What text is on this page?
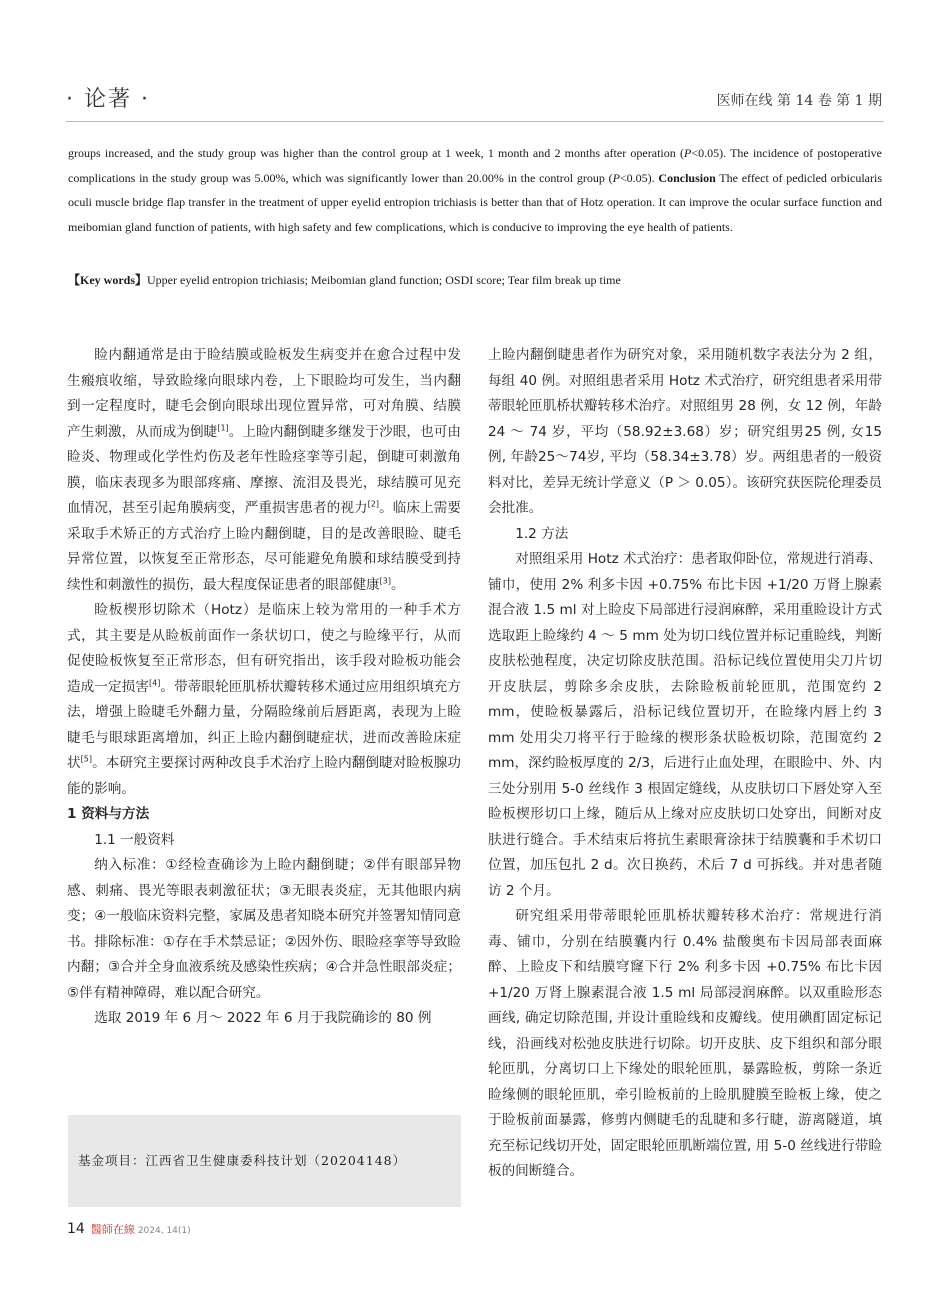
· 论著 ·	医师在线 第 14 卷 第 1 期

groups increased, and the study group was higher than the control group at 1 week, 1 month and 2 months after operation (P<0.05). The incidence of postoperative complications in the study group was 5.00%, which was significantly lower than 20.00% in the control group (P<0.05). Conclusion The effect of pedicled orbicularis oculi muscle bridge flap transfer in the treatment of upper eyelid entropion trichiasis is better than that of Hotz operation. It can improve the ocular surface function and meibomian gland function of patients, with high safety and few complications, which is conducive to improving the eye health of patients.

【Key words】Upper eyelid entropion trichiasis; Meibomian gland function; OSDI score; Tear film break up time

睑内翻通常是由于睑结膜或睑板发生病变并在愈合过程中发生瘢痕收缩，导致睑缘向眼球内卷，上下眼睑均可发生，当内翻到一定程度时，睫毛会倒向眼球出现位置异常，可对角膜、结膜产生刺激，从而成为倒睫[1]。上睑内翻倒睫多继发于沙眼，也可由睑炎、物理或化学性灼伤及老年性睑痉挛等引起，倒睫可刺激角膜，临床表现多为眼部疼痛、摩擦、流泪及畏光，球结膜可见充血情况，甚至引起角膜病变，严重损害患者的视力[2]。临床上需要采取手术矫正的方式治疗上睑内翻倒睫，目的是改善眼睑、睫毛异常位置，以恢复至正常形态，尽可能避免角膜和球结膜受到持续性和刺激性的损伤，最大程度保证患者的眼部健康[3]。

睑板楔形切除术（Hotz）是临床上较为常用的一种手术方式，其主要是从睑板前面作一条状切口，使之与睑缘平行，从而促使睑板恢复至正常形态，但有研究指出，该手段对睑板功能会造成一定损害[4]。带蒂眼轮匝肌桥状瓣转移术通过应用组织填充方法，增强上睑睫毛外翻力量，分隔睑缘前后唇距离，表现为上睑睫毛与眼球距离增加，纠正上睑内翻倒睫症状，进而改善睑床症状[5]。本研究主要探讨两种改良手术治疗上睑内翻倒睫对睑板腺功能的影响。

1 资料与方法
1.1 一般资料

纳入标准：①经检查确诊为上睑内翻倒睫；②伴有眼部异物感、刺痛、畏光等眼表刺激征状；③无眼表炎症，无其他眼内病变；④一般临床资料完整，家属及患者知晓本研究并签署知情同意书。排除标准：①存在手术禁忌证；②因外伤、眼睑痉挛等导致睑内翻；③合并全身血液系统及感染性疾病；④合并急性眼部炎症；⑤伴有精神障碍，难以配合研究。

选取 2019 年 6 月～ 2022 年 6 月于我院确诊的 80 例

上睑内翻倒睫患者作为研究对象，采用随机数字表法分为 2 组，每组 40 例。对照组患者采用 Hotz 术式治疗，研究组患者采用带蒂眼轮匝肌桥状瓣转移术治疗。对照组男 28 例，女 12 例，年龄 24 ～ 74 岁，平均（58.92±3.68）岁；研究组男25 例, 女15例, 年龄25～74岁, 平均（58.34±3.78）岁。两组患者的一般资料对比，差异无统计学意义（P ＞ 0.05）。该研究获医院伦理委员会批准。

1.2 方法

对照组采用 Hotz 术式治疗：患者取仰卧位，常规进行消毒、铺巾，使用 2% 利多卡因 +0.75% 布比卡因 +1/20 万肾上腺素混合液 1.5 ml 对上睑皮下局部进行浸润麻醉，采用重睑设计方式选取距上睑缘约 4 ～ 5 mm 处为切口线位置并标记重睑线，判断皮肤松弛程度，决定切除皮肤范围。沿标记线位置使用尖刀片切开皮肤层，剪除多余皮肤，去除睑板前轮匝肌，范围宽约 2 mm，使睑板暴露后，沿标记线位置切开，在睑缘内唇上约 3 mm 处用尖刀将平行于睑缘的楔形条状睑板切除，范围宽约 2 mm，深约睑板厚度的 2/3，后进行止血处理，在眼睑中、外、内三处分别用 5-0 丝线作 3 根固定缝线，从皮肤切口下唇处穿入至睑板楔形切口上缘，随后从上缘对应皮肤切口处穿出，间断对皮肤进行缝合。手术结束后将抗生素眼膏涂抹于结膜囊和手术切口位置，加压包扎 2 d。次日换药，术后 7 d 可拆线。并对患者随访 2 个月。

研究组采用带蒂眼轮匝肌桥状瓣转移术治疗：常规进行消毒、铺巾，分别在结膜囊内行 0.4% 盐酸奥布卡因局部表面麻醉、上睑皮下和结膜穹窿下行 2% 利多卡因 +0.75% 布比卡因 +1/20 万肾上腺素混合液 1.5 ml 局部浸润麻醉。以双重睑形态画线, 确定切除范围, 并设计重睑线和皮瓣线。使用碘酊固定标记线，沿画线对松弛皮肤进行切除。切开皮肤、皮下组织和部分眼轮匝肌，分离切口上下缘处的眼轮匝肌，暴露睑板，剪除一条近睑缘侧的眼轮匝肌，牵引睑板前的上睑肌腱膜至睑板上缘，使之于睑板前面暴露，修剪内侧睫毛的乱睫和多行睫，游离隧道，填充至标记线切开处，固定眼轮匝肌断端位置, 用 5-0 丝线进行带睑板的间断缝合。

基金项目：江西省卫生健康委科技计划（20204148）
14 醫師在線 2024, 14(1)
